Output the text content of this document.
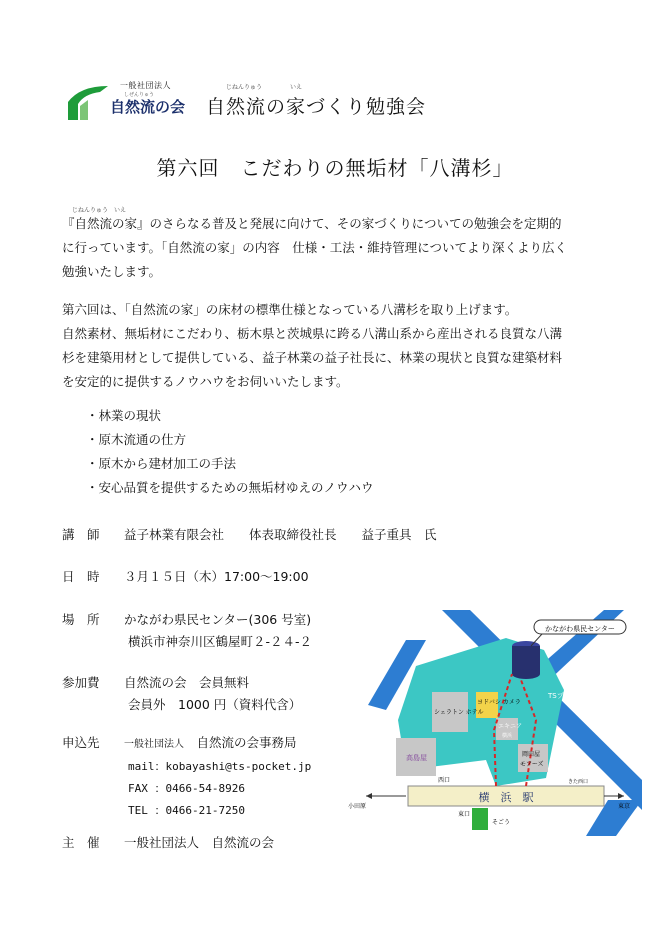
一般社団法人
しぜんりゅう
自然流の会
じねんりゅう	いえ
自然流の家づくり勉強会
第六回　こだわりの無垢材「八溝杉」
じねんりゅう いえ
『自然流の家』のさらなる普及と発展に向けて、その家づくりについての勉強会を定期的
に行っています。「自然流の家」の内容　仕様・工法・維持管理についてより深くより広く
勉強いたします。
第六回は、「自然流の家」の床材の標準仕様となっている八溝杉を取り上げます。
自然素材、無垢材にこだわり、栃木県と茨城県に跨る八溝山系から産出される良質な八溝
杉を建築用材として提供している、益子林業の益子社長に、林業の現状と良質な建築材料
を安定的に提供するノウハウをお伺いいたします。
・林業の現状
・原木流通の仕方
・原木から建材加工の手法
・安心品質を提供するための無垢材ゆえのノウハウ
講　師 益子林業有限会社　　体表取締役社長　　益子重具　氏
日　時 ３月１５日（木）17:00～19:00
場　所 かながわ県民センター(306 号室)
横浜市神奈川区鶴屋町２-２４-２
参加費 自然流の会　会員無料
会員外　1000 円（資料代含）
申込先 一般社団法人　 自然流の会事務局
mail：kobayashi@ts-pocket.jp
FAX ：0466-54-8926
TEL ：0466-21-7250
主　催 一般社団法人　自然流の会
かながわ県民センター
TSプラザ
ヨドバシ カメラ
シェラトン ホテル
高島屋
エキニア
横浜
岡田屋
モアーズ
横　浜　駅
西口
東口
きた西口
そごう
小田原	東京
